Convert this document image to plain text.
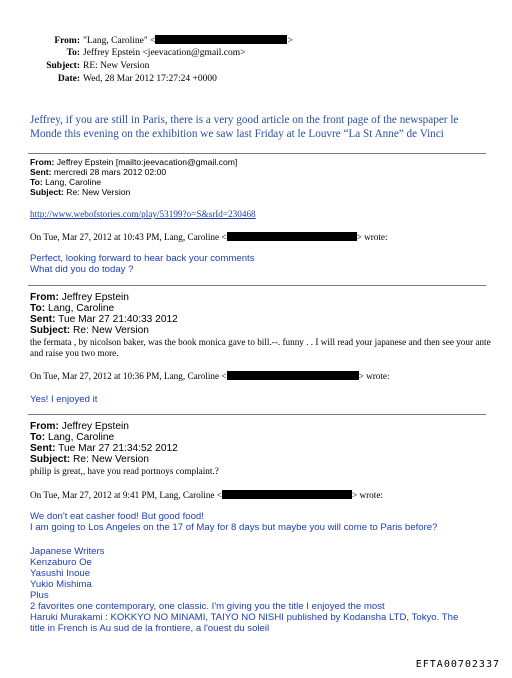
From: "Lang, Caroline" <	>
To: Jeffrey Epstein <jeevacation@gmail.com>
Subject: RE: New Version
Date: Wed, 28 Mar 2012 17:27:24 +0000
Jeffrey, if you are still in Paris, there is a very good article on the front page of the newspaper le Monde this evening on the exhibition we saw last Friday at le Louvre “La St Anne” de Vinci
From: Jeffrey Epstein [mailto:jeevacation@gmail.com]
Sent: mercredi 28 mars 2012 02:00
To: Lang, Caroline
Subject: Re: New Version
http://www.webofstories.com/play/53199?o=S&srId=230468
On Tue, Mar 27, 2012 at 10:43 PM, Lang, Caroline <	> wrote:
Perfect, looking forward to hear back your comments
What did you do today ?
From: Jeffrey Epstein
To: Lang, Caroline
Sent: Tue Mar 27 21:40:33 2012
Subject: Re: New Version
the fermata , by nicolson baker, was the book monica gave to bill.--. funny . . I will read your japanese and then see your ante and raise you two more.
On Tue, Mar 27, 2012 at 10:36 PM, Lang, Caroline <	> wrote:
Yes! I enjoyed it
From: Jeffrey Epstein
To: Lang, Caroline
Sent: Tue Mar 27 21:34:52 2012
Subject: Re: New Version
philip is great,, have you read portnoys complaint.?
On Tue, Mar 27, 2012 at 9:41 PM, Lang, Caroline <	> wrote:
We don't eat casher food! But good food!
I am going to Los Angeles on the 17 of May for 8 days but maybe you will come to Paris before?
Japanese Writers
Kenzaburo Oe
Yasushi Inoue
Yukio Mishima
Plus
2 favorites one contemporary, one classic. I'm giving you the title I enjoyed the most
Haruki Murakami : KOKKYO NO MINAMI, TAIYO NO NISHI published by Kodansha LTD, Tokyo. The
title in French is Au sud de la frontiere, a l'ouest du soleil
EFTA00702337
